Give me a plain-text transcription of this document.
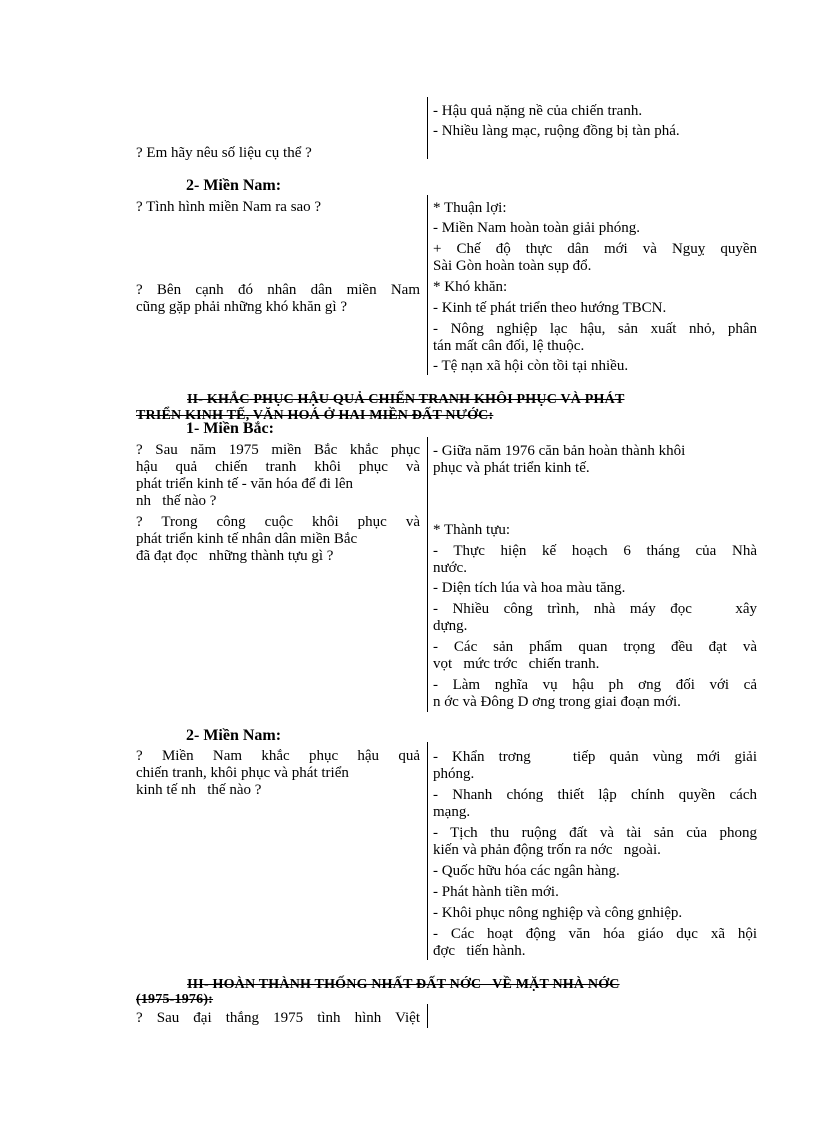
- Hậu quả nặng nề của chiến tranh.
- Nhiều làng mạc, ruộng đồng bị tàn phá.
? Em hãy nêu số liệu cụ thể ?
2- Miền Nam:
? Tình hình miền Nam ra sao ?
? Bên cạnh đó nhân dân miền Nam
cũng gặp phải những khó khăn gì ?
* Thuận lợi:
- Miền Nam hoàn toàn giải phóng.
+ Chế độ thực dân mới và Nguỵ quyền
Sài Gòn hoàn toàn sụp đổ.
* Khó khăn:
- Kinh tế phát triển theo hướng TBCN.
- Nông nghiệp lạc hậu, sản xuất nhỏ, phân
tán mất cân đối, lệ thuộc.
- Tệ nạn xã hội còn tồi tại nhiều.
II- KHẮC PHỤC HẬU QUẢ CHIẾN TRANH KHÔI PHỤC VÀ PHÁT
TRIỂN KINH TẾ, VĂN HOÁ Ở HAI MIỀN ĐẤT NƯỚC:
1- Miền Bắc:
? Sau năm 1975 miền Bắc khắc phục
hậu quả chiến tranh khôi phục và
phát triển kinh tế - văn hóa để đi lên
nh   thế nào ?
- Giữa năm 1976 căn bản hoàn thành khôi
phục và phát triển kinh tế.
? Trong công cuộc khôi phục và
phát triển kinh tế nhân dân miền Bắc
đã đạt đọc   những thành tựu gì ?
* Thành tựu:
- Thực hiện kế hoạch 6 tháng của Nhà
nước.
- Diện tích lúa và hoa màu tăng.
- Nhiều công trình, nhà máy đọc   xây
dựng.
- Các sản phẩm quan trọng đều đạt và
vọt   mức trớc   chiến tranh.
- Làm nghĩa vụ hậu ph ơng đối với cả
n ớc và Đông D ơng trong giai đoạn mới.
2- Miền Nam:
? Miền Nam khắc phục hậu quả
chiến tranh, khôi phục và phát triển
kinh tế nh   thế nào ?
- Khẩn trơng   tiếp quản vùng mới giải
phóng.
- Nhanh chóng thiết lập chính quyền cách
mạng.
- Tịch thu ruộng đất và tài sản của phong
kiến và phản động trốn ra nớc   ngoài.
- Quốc hữu hóa các ngân hàng.
- Phát hành tiền mới.
- Khôi phục nông nghiệp và công gnhiệp.
- Các hoạt động văn hóa giáo dục xã hội
đợc   tiến hành.
III- HOÀN THÀNH THỐNG NHẤT ĐẤT NỚC   VỀ MẶT NHÀ NỚC
(1975-1976):
? Sau đại thắng 1975 tình hình Việt
